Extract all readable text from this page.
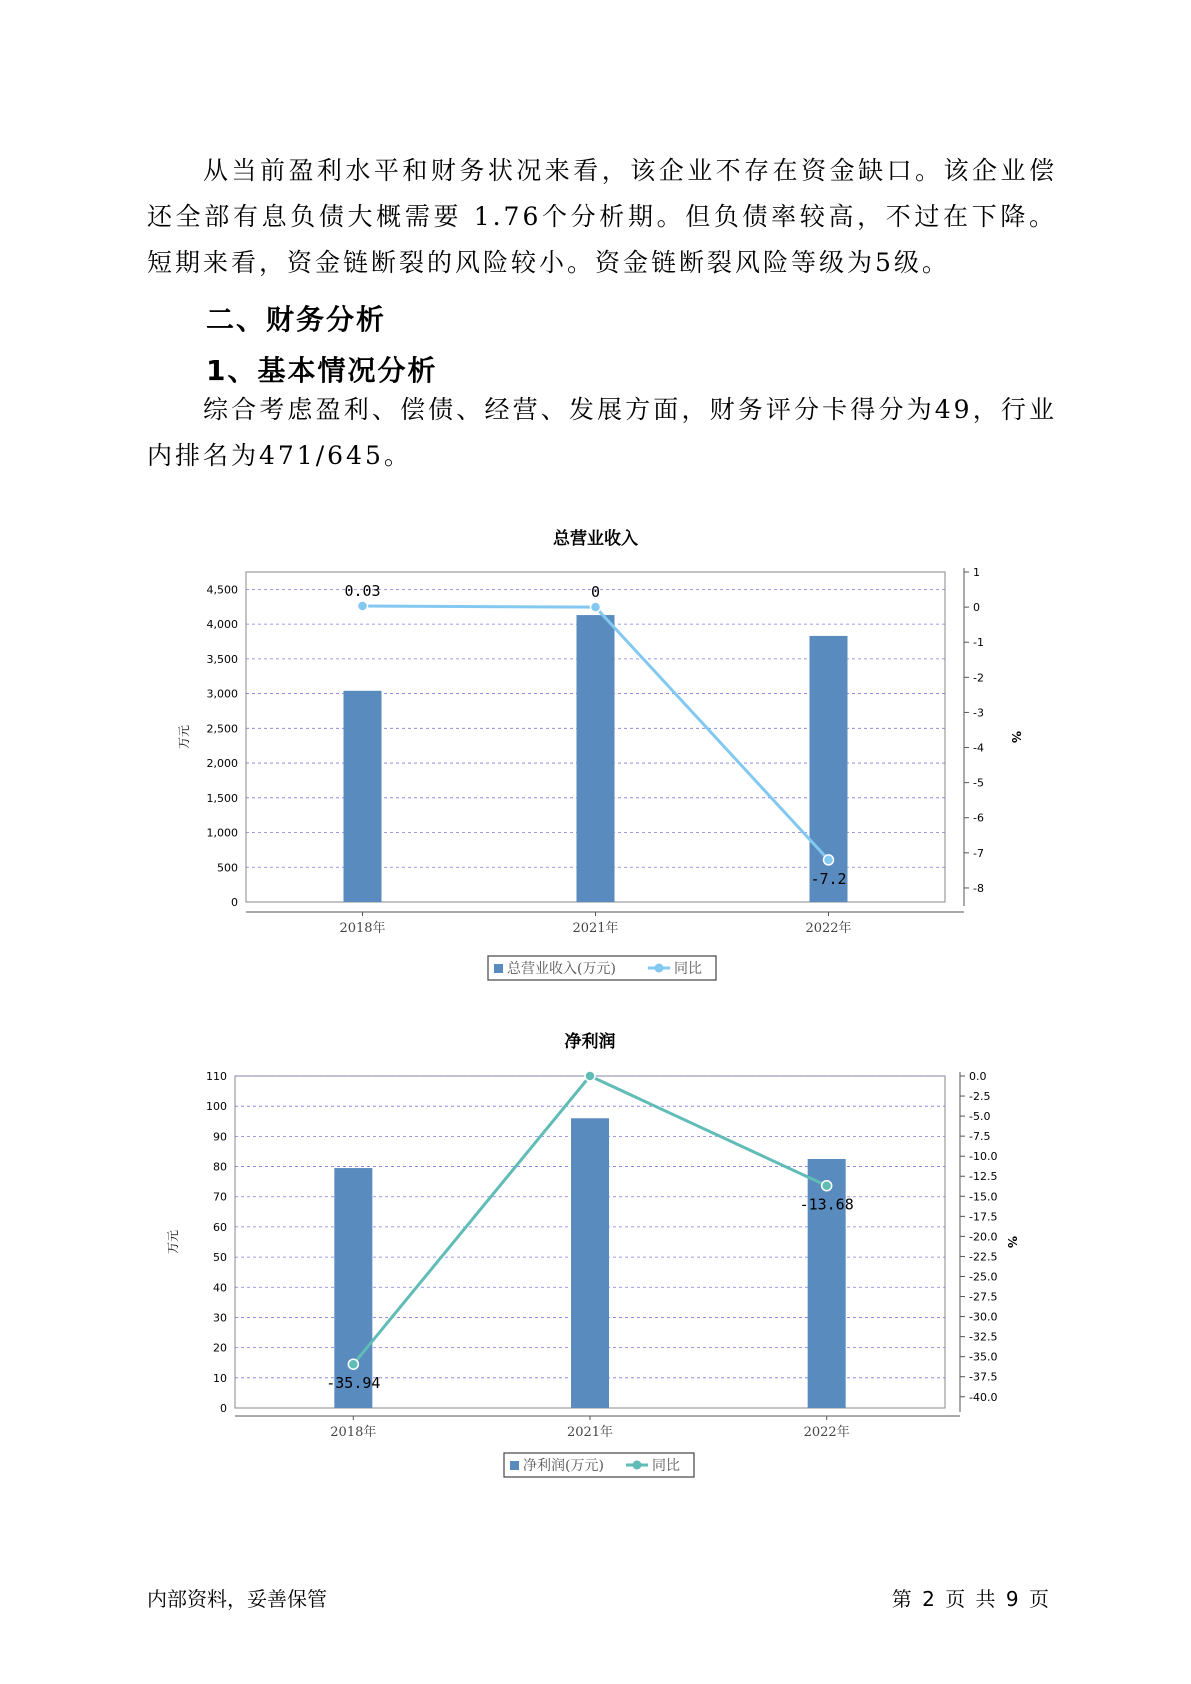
从当前盈利水平和财务状况来看，该企业不存在资金缺口。该企业偿还全部有息负债大概需要 1.76个分析期。但负债率较高，不过在下降。短期来看，资金链断裂的风险较小。资金链断裂风险等级为5级。

二、财务分析
1、基本情况分析

综合考虑盈利、偿债、经营、发展方面，财务评分卡得分为49，行业内排名为471/645。

总营业收入
0
500
1,000
1,500
2,000
2,500
3,000
3,500
4,000
4,500
1
0
-1
-2
-3
-4
-5
-6
-7
-8
万元	%
2018年	2021年	2022年
0.03	0
-7.2
总营业收入(万元)	同比
净利润
0
10
20
30
40
50
60
70
80
90
100
110	0.0
-2.5
-5.0
-7.5
-10.0
-12.5
-15.0
-17.5
-20.0
-22.5
-25.0
-27.5
-30.0
-32.5
-35.0
-37.5
-40.0
万元	%
2018年	2021年	2022年
-35.94
-13.68
净利润(万元)	同比
内部资料，妥善保管	第 2 页 共 9 页
